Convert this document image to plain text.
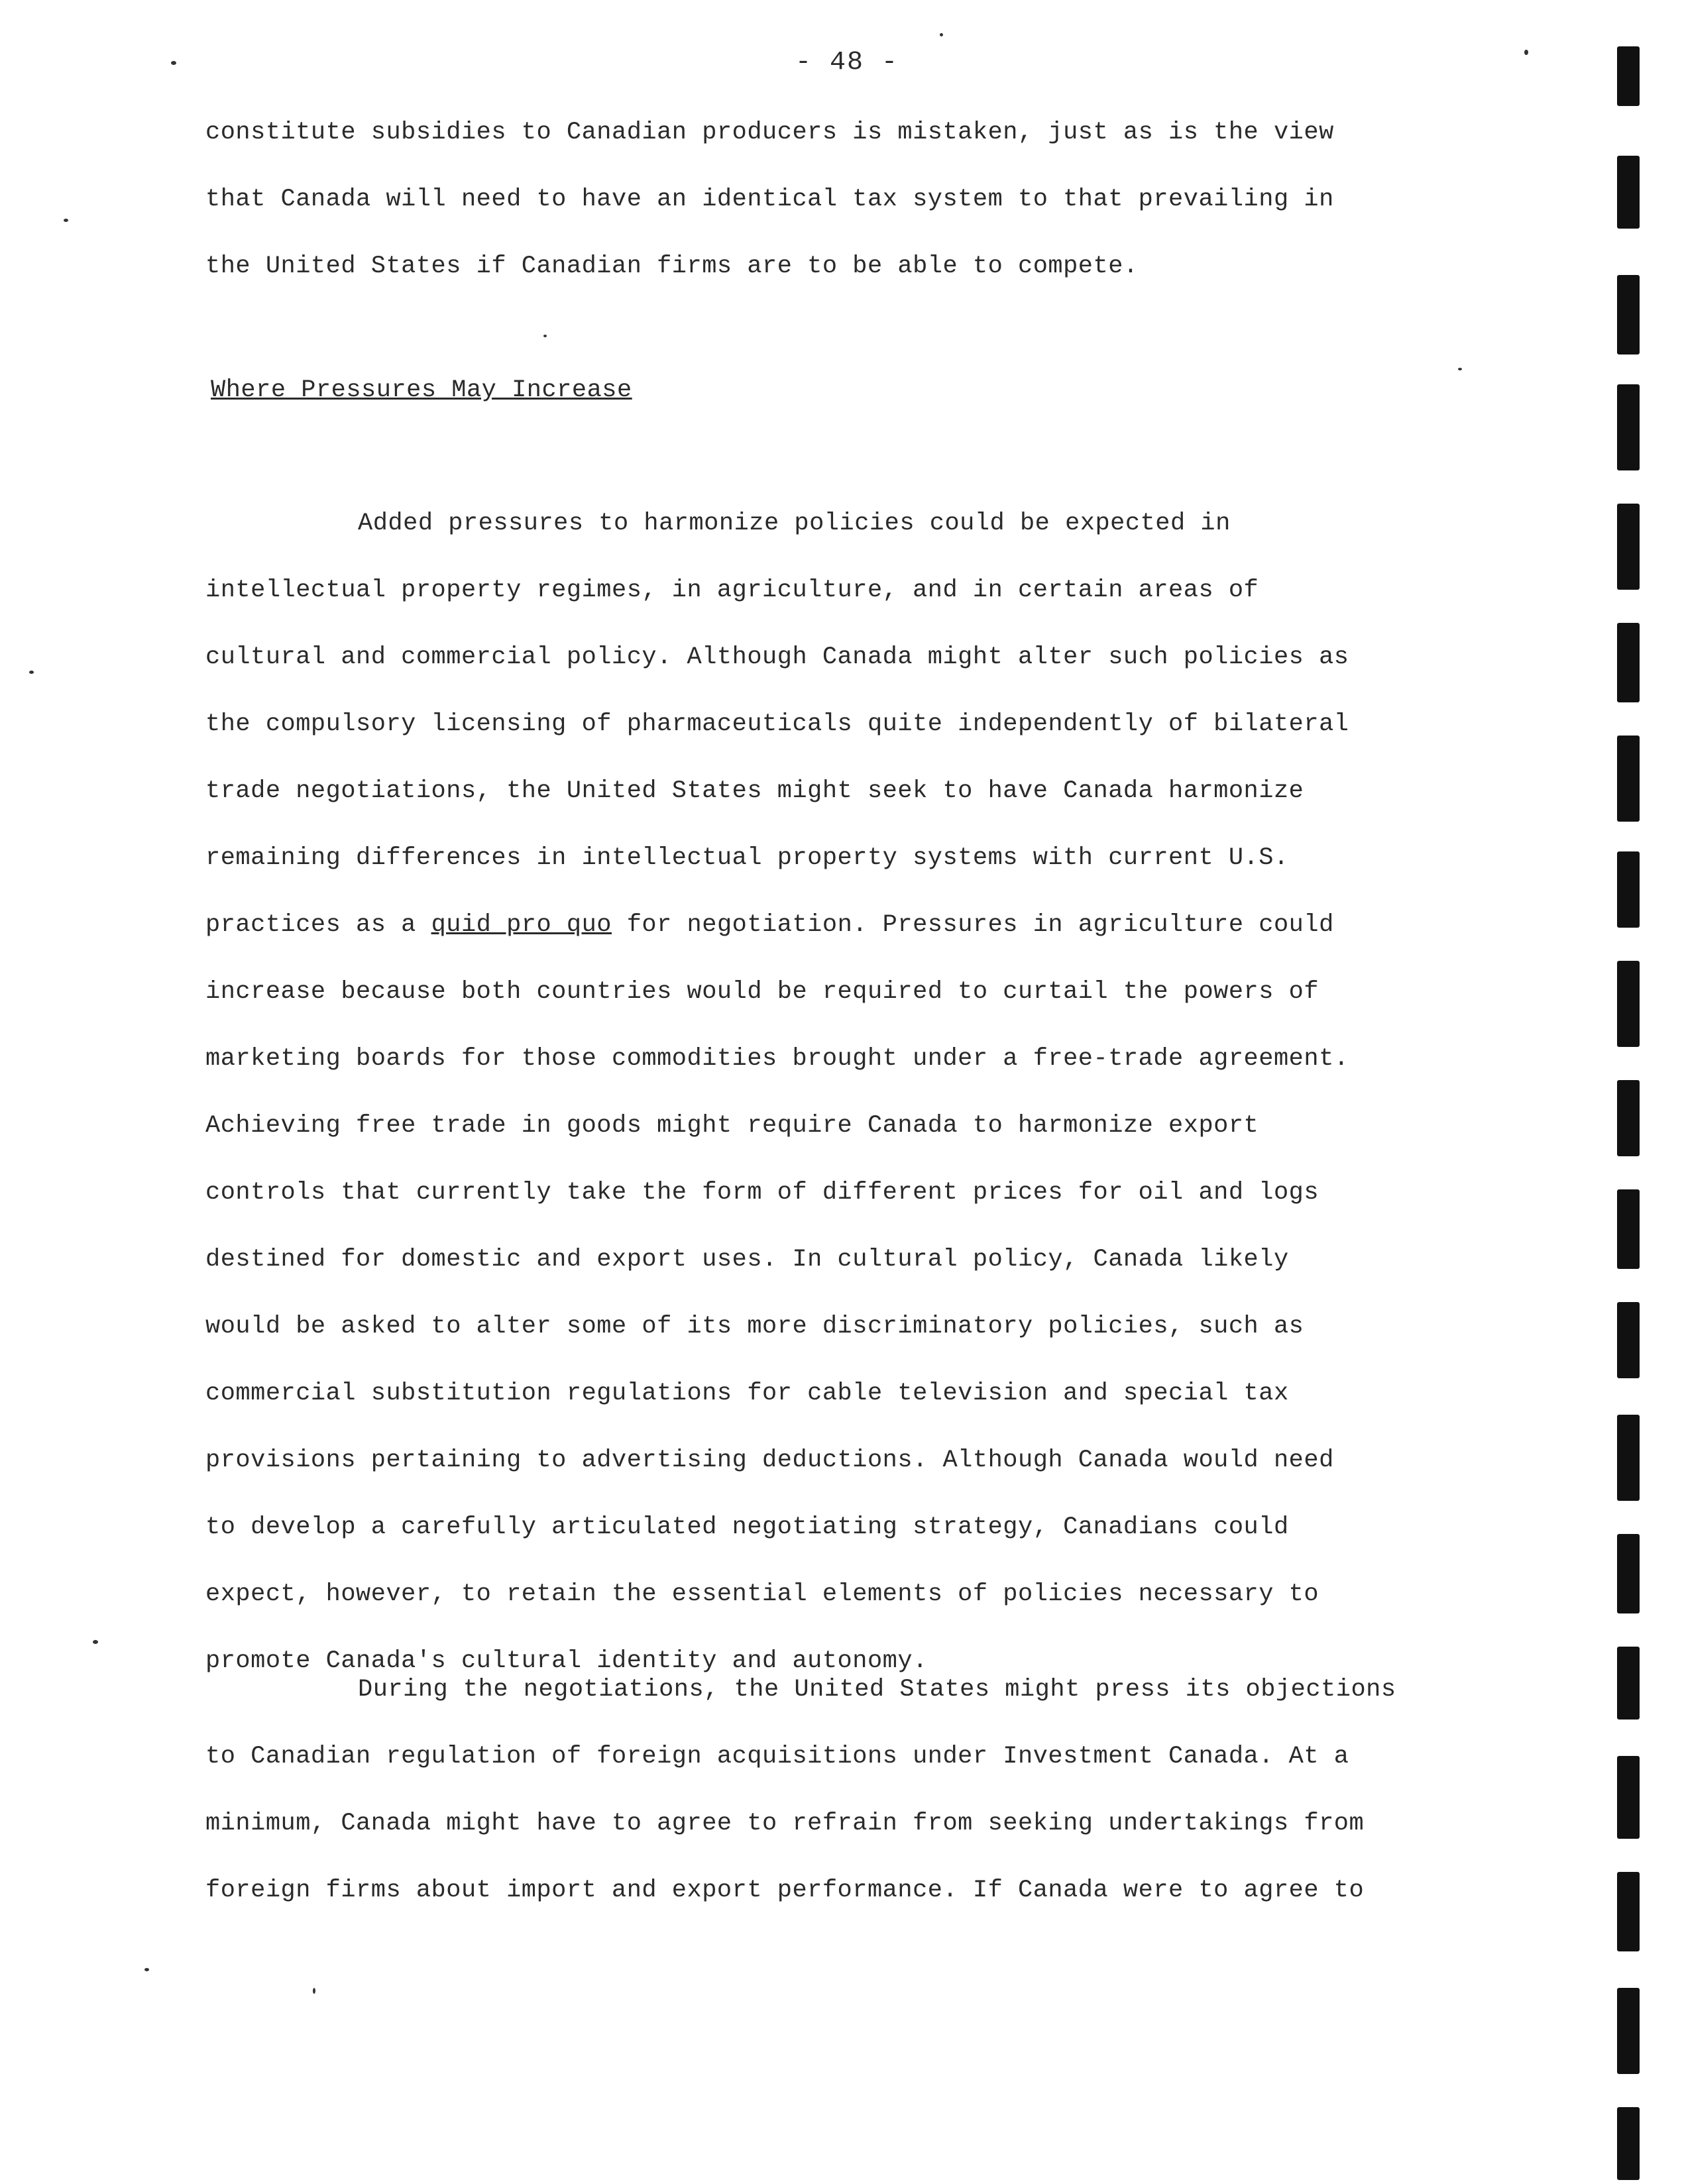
- 48 -
constitute subsidies to Canadian producers is mistaken, just as is the view
that Canada will need to have an identical tax system to that prevailing in
the United States if Canadian firms are to be able to compete.
Where Pressures May Increase
Added pressures to harmonize policies could be expected in
intellectual property regimes, in agriculture, and in certain areas of
cultural and commercial policy. Although Canada might alter such policies as
the compulsory licensing of pharmaceuticals quite independently of bilateral
trade negotiations, the United States might seek to have Canada harmonize
remaining differences in intellectual property systems with current U.S.
practices as a quid pro quo for negotiation. Pressures in agriculture could
increase because both countries would be required to curtail the powers of
marketing boards for those commodities brought under a free-trade agreement.
Achieving free trade in goods might require Canada to harmonize export
controls that currently take the form of different prices for oil and logs
destined for domestic and export uses. In cultural policy, Canada likely
would be asked to alter some of its more discriminatory policies, such as
commercial substitution regulations for cable television and special tax
provisions pertaining to advertising deductions. Although Canada would need
to develop a carefully articulated negotiating strategy, Canadians could
expect, however, to retain the essential elements of policies necessary to
promote Canada's cultural identity and autonomy.
During the negotiations, the United States might press its objections
to Canadian regulation of foreign acquisitions under Investment Canada. At a
minimum, Canada might have to agree to refrain from seeking undertakings from
foreign firms about import and export performance. If Canada were to agree to
